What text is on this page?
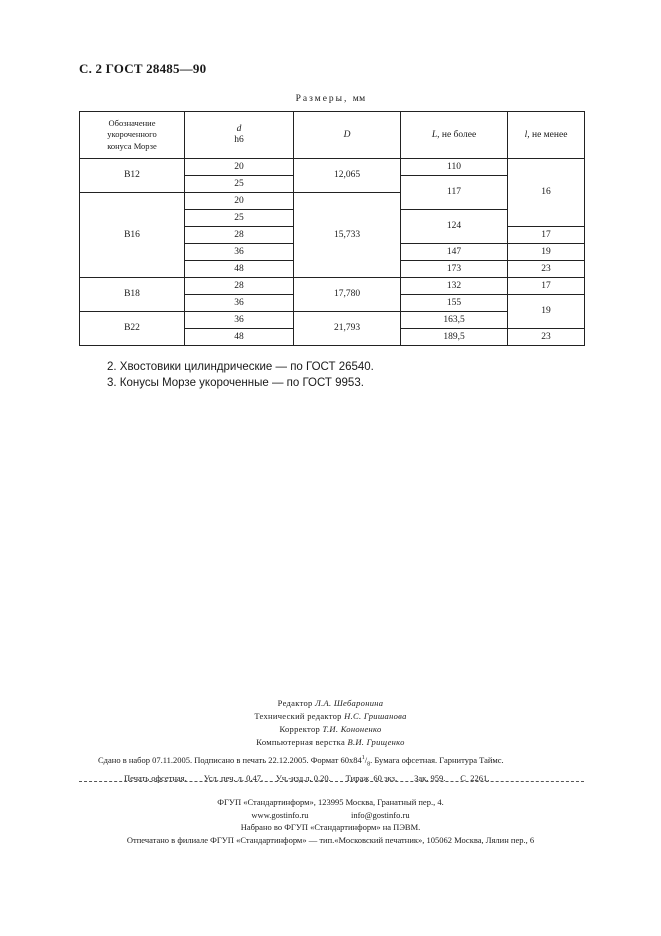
С. 2 ГОСТ 28485—90
Размеры, мм
Обозначение
укороченного
конуса Морзе	d
h6	D	L, не более	l, не менее
В12	20	12,065	110	16
	25		117	
В16	20	15,733		
	25		124	
	28			17
	36		147	19
	48		173	23
В18	28	17,780	132	17
	36		155	19
В22	36	21,793	163,5	
	48		189,5	23
2. Хвостовики цилиндрические — по ГОСТ 26540.
3. Конусы Морзе укороченные — по ГОСТ 9953.
Редактор Л.А. Шебаронина
Технический редактор Н.С. Гришанова
Корректор Т.И. Кононенко
Компьютерная верстка В.И. Грищенко
Сдано в набор 07.11.2005. Подписано в печать 22.12.2005. Формат $60x84^1/_8$. Бумага офсетная. Гарнитура Таймс.
Печать офсетная.        Усл. печ. л. 0,47.      Уч.-изд.л. 0,20.       Тираж  60 экз.        Зак. 959.       С  2261.
ФГУП «Стандартинформ», 123995 Москва, Гранатный пер., 4.
www.gostinfo.ru                    info@gostinfo.ru
Набрано во ФГУП «Стандартинформ» на ПЭВМ.
Отпечатано в филиале ФГУП «Стандартинформ» — тип.«Московский печатник», 105062 Москва, Лялин пер., 6
